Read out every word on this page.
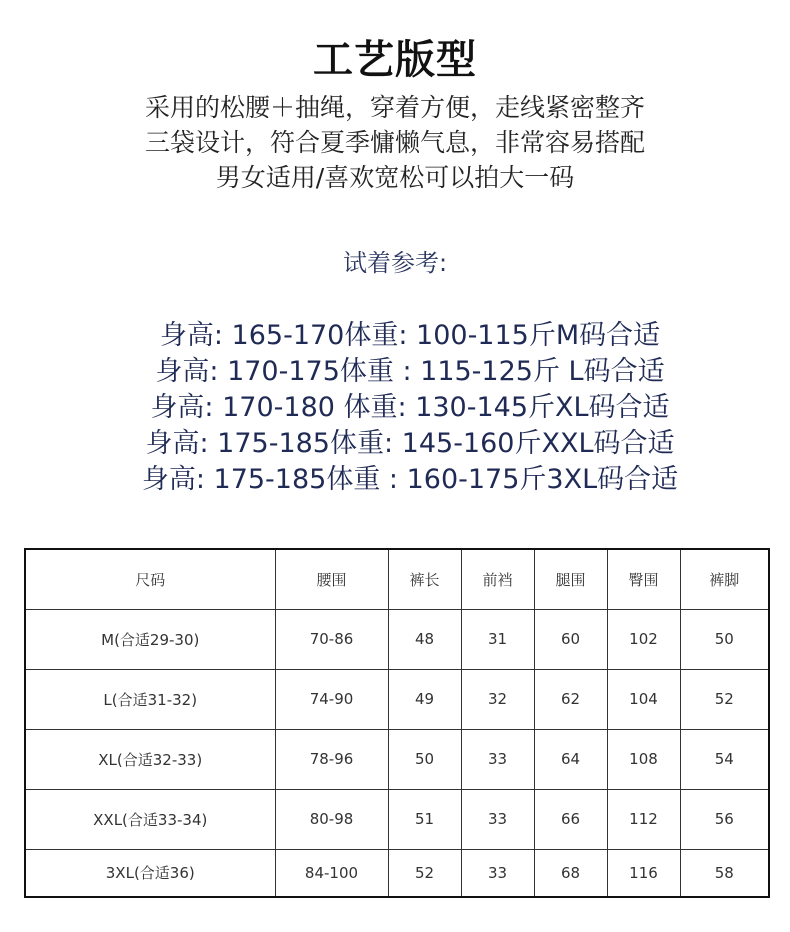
工艺版型
采用的松腰＋抽绳，穿着方便，走线紧密整齐
三袋设计，符合夏季慵懒气息，非常容易搭配
男女适用/喜欢宽松可以拍大一码
试着参考:
身高: 165-170体重: 100-115斤M码合适
身高: 170-175体重 : 115-125斤 L码合适
身高: 170-180 体重: 130-145斤XL码合适
身高: 175-185体重: 145-160斤XXL码合适
身高: 175-185体重 : 160-175斤3XL码合适
尺码	腰围	裤长	前裆	腿围	臀围	裤脚
M(合适29-30)	70-86	48	31	60	102	50
L(合适31-32)	74-90	49	32	62	104	52
XL(合适32-33)	78-96	50	33	64	108	54
XXL(合适33-34)	80-98	51	33	66	112	56
3XL(合适36)	84-100	52	33	68	116	58
